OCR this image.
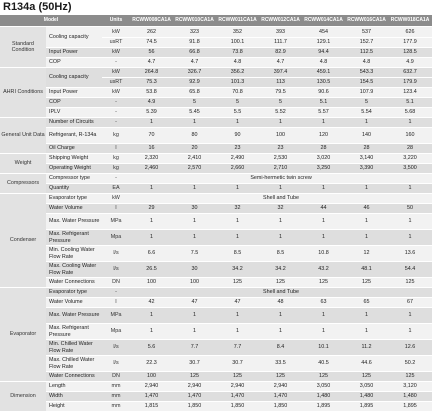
R134a (50Hz)
Model		Units	RCWW008CA1A	RCWW010CA1A	RCWW011CA1A	RCWW012CA1A	RCWW014CA1A	RCWW016CA1A	RCWW018CA1A
Standard Condition	Cooling capacity	kW	262	323	352	393	454	537	626
		usRT	74.5	91.8	100.1	111.7	129.1	152.7	177.9
	Input Power	kW	56	66.8	73.8	82.9	94.4	112.5	128.5
	COP	-	4.7	4.7	4.8	4.7	4.8	4.8	4.9
AHRI Conditions	Cooling capacity	kW	264.8	326.7	356.2	397.4	459.1	543.3	632.7
		usRT	75.3	92.9	101.3	113	130.5	154.5	179.9
	Input Power	kW	53.8	65.8	70.8	79.5	90.6	107.9	123.4
	COP	-	4.9	5	5	5	5.1	5	5.1
	IPLV	-	5.39	5.45	5.5	5.52	5.57	5.54	5.68
General Unit Data	Number of Circuits	-	1	1	1	1	1	1	1
	Refrigerant, R-134a	kg	70	80	90	100	120	140	160
	Oil Charge	l	16	20	23	23	28	28	28
Weight	Shipping Weight	kg	2,320	2,410	2,490	2,530	3,020	3,140	3,220
	Operating Weight	kg	2,460	2,570	2,660	2,710	3,250	3,390	3,500
Compressors	Compressor type	-	Semi-hermetic twin screw						
	Quantity	EA	1	1	1	1	1	1	1
Condenser	Evaporator type	kW	Shell and Tube						
	Water Volume	l	29	30	32	32	44	46	50
	Max. Water Pressure	MPa	1	1	1	1	1	1	1
	Max. Refrigerant Pressure	Mpa	1	1	1	1	1	1	1
	Min. Cooling Water Flow Rate	l/s	6.6	7.5	8.5	8.5	10.8	12	13.6
	Max. Cooling Water Flow Rate	l/s	26.5	30	34.2	34.2	43.2	48.1	54.4
	Water Connections	DN	100	100	125	125	125	125	125
Evaporator	Evaporator type	-	Shell and Tube						
	Water Volume	l	42	47	47	48	63	65	67
	Max. Water Pressure	MPa	1	1	1	1	1	1	1
	Max. Refrigerant Pressure	Mpa	1	1	1	1	1	1	1
	Min. Chilled Water Flow Rate	l/s	5.6	7.7	7.7	8.4	10.1	11.2	12.6
	Max. Chilled Water Flow Rate	l/s	22.3	30.7	30.7	33.5	40.5	44.6	50.2
	Water Connections	DN	100	125	125	125	125	125	125
Dimension	Length	mm	2,940	2,940	2,940	2,940	3,050	3,050	3,120
	Width	mm	1,470	1,470	1,470	1,470	1,480	1,480	1,480
	Height	mm	1,815	1,850	1,850	1,850	1,895	1,895	1,895
